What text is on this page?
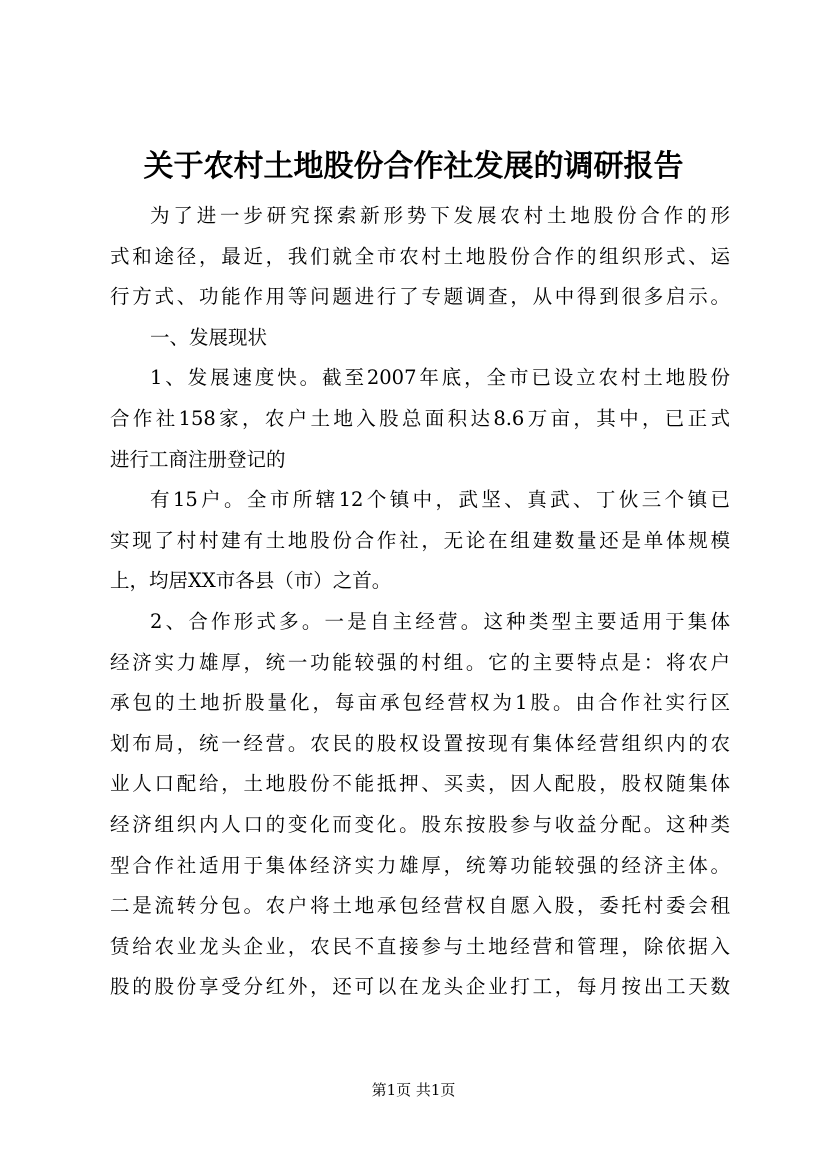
关于农村土地股份合作社发展的调研报告
为了进一步研究探索新形势下发展农村土地股份合作的形
式和途径，最近，我们就全市农村土地股份合作的组织形式、运
行方式、功能作用等问题进行了专题调查，从中得到很多启示。
一、发展现状
1、发展速度快。截至2007年底，全市已设立农村土地股份
合作社158家，农户土地入股总面积达8.6万亩，其中，已正式
进行工商注册登记的
有15户。全市所辖12个镇中，武坚、真武、丁伙三个镇已
实现了村村建有土地股份合作社，无论在组建数量还是单体规模
上，均居XX市各县（市）之首。
2、合作形式多。一是自主经营。这种类型主要适用于集体
经济实力雄厚，统一功能较强的村组。它的主要特点是：将农户
承包的土地折股量化，每亩承包经营权为1股。由合作社实行区
划布局，统一经营。农民的股权设置按现有集体经营组织内的农
业人口配给，土地股份不能抵押、买卖，因人配股，股权随集体
经济组织内人口的变化而变化。股东按股参与收益分配。这种类
型合作社适用于集体经济实力雄厚，统筹功能较强的经济主体。
二是流转分包。农户将土地承包经营权自愿入股，委托村委会租
赁给农业龙头企业，农民不直接参与土地经营和管理，除依据入
股的股份享受分红外，还可以在龙头企业打工，每月按出工天数
第1页 共1页
